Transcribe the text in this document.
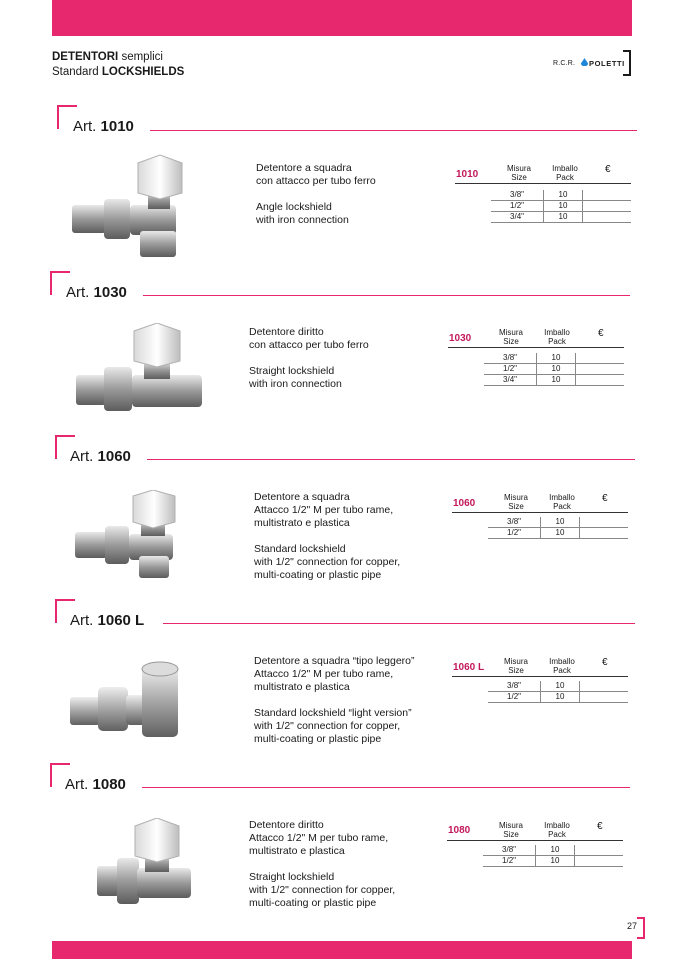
DETENTORI semplici
Standard LOCKSHIELDS
R.C.R. POLETTI
Art. 1010
Detentore a squadra
con attacco per tubo ferro
Angle lockshield
with iron connection
1010
Misura
Size
Imballo
Pack
€
3/8"	10
1/2"	10
3/4"	10
Art. 1030
Detentore diritto
con attacco per tubo ferro
Straight lockshield
with iron connection
1030
Misura
Size
Imballo
Pack
€
3/8"	10
1/2"	10
3/4"	10
Art. 1060
Detentore a squadra
Attacco 1/2" M per tubo rame,
multistrato e plastica
Standard lockshield
with 1/2" connection for copper,
multi-coating or plastic pipe
1060
Misura
Size
Imballo
Pack
€
3/8"	10
1/2"	10
Art. 1060 L
Detentore a squadra “tipo leggero”
Attacco 1/2" M per tubo rame,
multistrato e plastica
Standard lockshield “light version”
with 1/2" connection for copper,
multi-coating or plastic pipe
1060 L
Misura
Size
Imballo
Pack
€
3/8"	10
1/2"	10
Art. 1080
Detentore diritto
Attacco 1/2" M per tubo rame,
multistrato e plastica
Straight lockshield
with 1/2" connection for copper,
multi-coating or plastic pipe
1080	Misura
Size
Imballo
Pack
€
3/8"	10
1/2"	10
27
